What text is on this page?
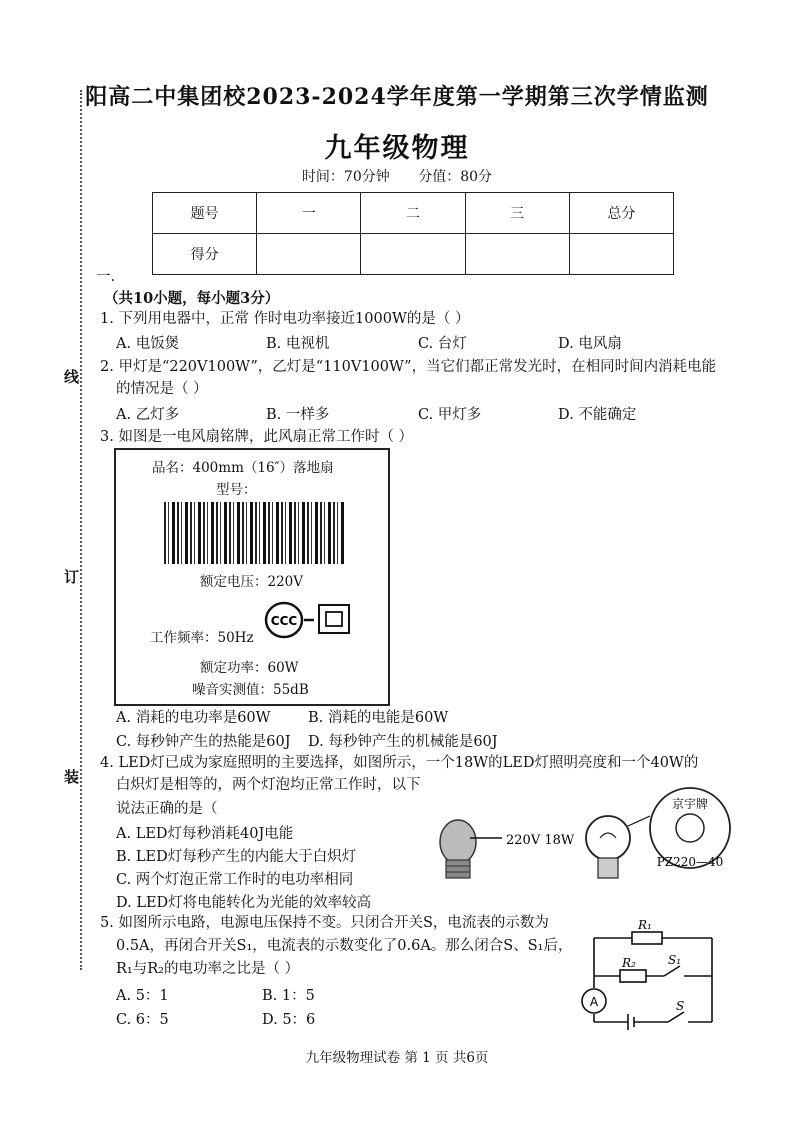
线
订
装
阳高二中集团校2023-2024学年度第一学期第三次学情监测
九年级物理
时间：70分钟 分值：80分
题号	一	二	三	总分
得分				
一.
（共10小题，每小题3分）
1. 下列用电器中，正常 作时电功率接近1000W的是（ ）
A. 电饭煲	B. 电视机	C. 台灯	D. 电风扇
2. 甲灯是“220V100W”，乙灯是“110V100W”，当它们都正常发光时，在相同时间内消耗电能
的情况是（ ）
A. 乙灯多	B. 一样多	C. 甲灯多	D. 不能确定
3. 如图是一电风扇铭牌，此风扇正常工作时（ ）
品名：400mm（16″）落地扇
型号：
额定电压：220V
CCC
工作频率：50Hz
额定功率：60W
噪音实测值：55dB
A. 消耗的电功率是60W	B. 消耗的电能是60W
C. 每秒钟产生的热能是60J D. 每秒钟产生的机械能是60J
4. LED灯已成为家庭照明的主要选择，如图所示，一个18W的LED灯照明亮度和一个40W的
白炽灯是相等的，两个灯泡均正常工作时，以下
说法正确的是（
A. LED灯每秒消耗40J电能
B. LED灯每秒产生的内能大于白炽灯
C. 两个灯泡正常工作时的电功率相同
D. LED灯将电能转化为光能的效率较高
220V 18W
京宇牌
PZ220—40
5. 如图所示电路，电源电压保持不变。只闭合开关S，电流表的示数为
0.5A，再闭合开关S₁，电流表的示数变化了0.6A。那么闭合S、S₁后，
R₁与R₂的电功率之比是（ ）
A. 5：1	B. 1：5
C. 6：5	D. 5：6
A
R₁
R₂	S₁
S
九年级物理试卷 第 1 页 共6页
